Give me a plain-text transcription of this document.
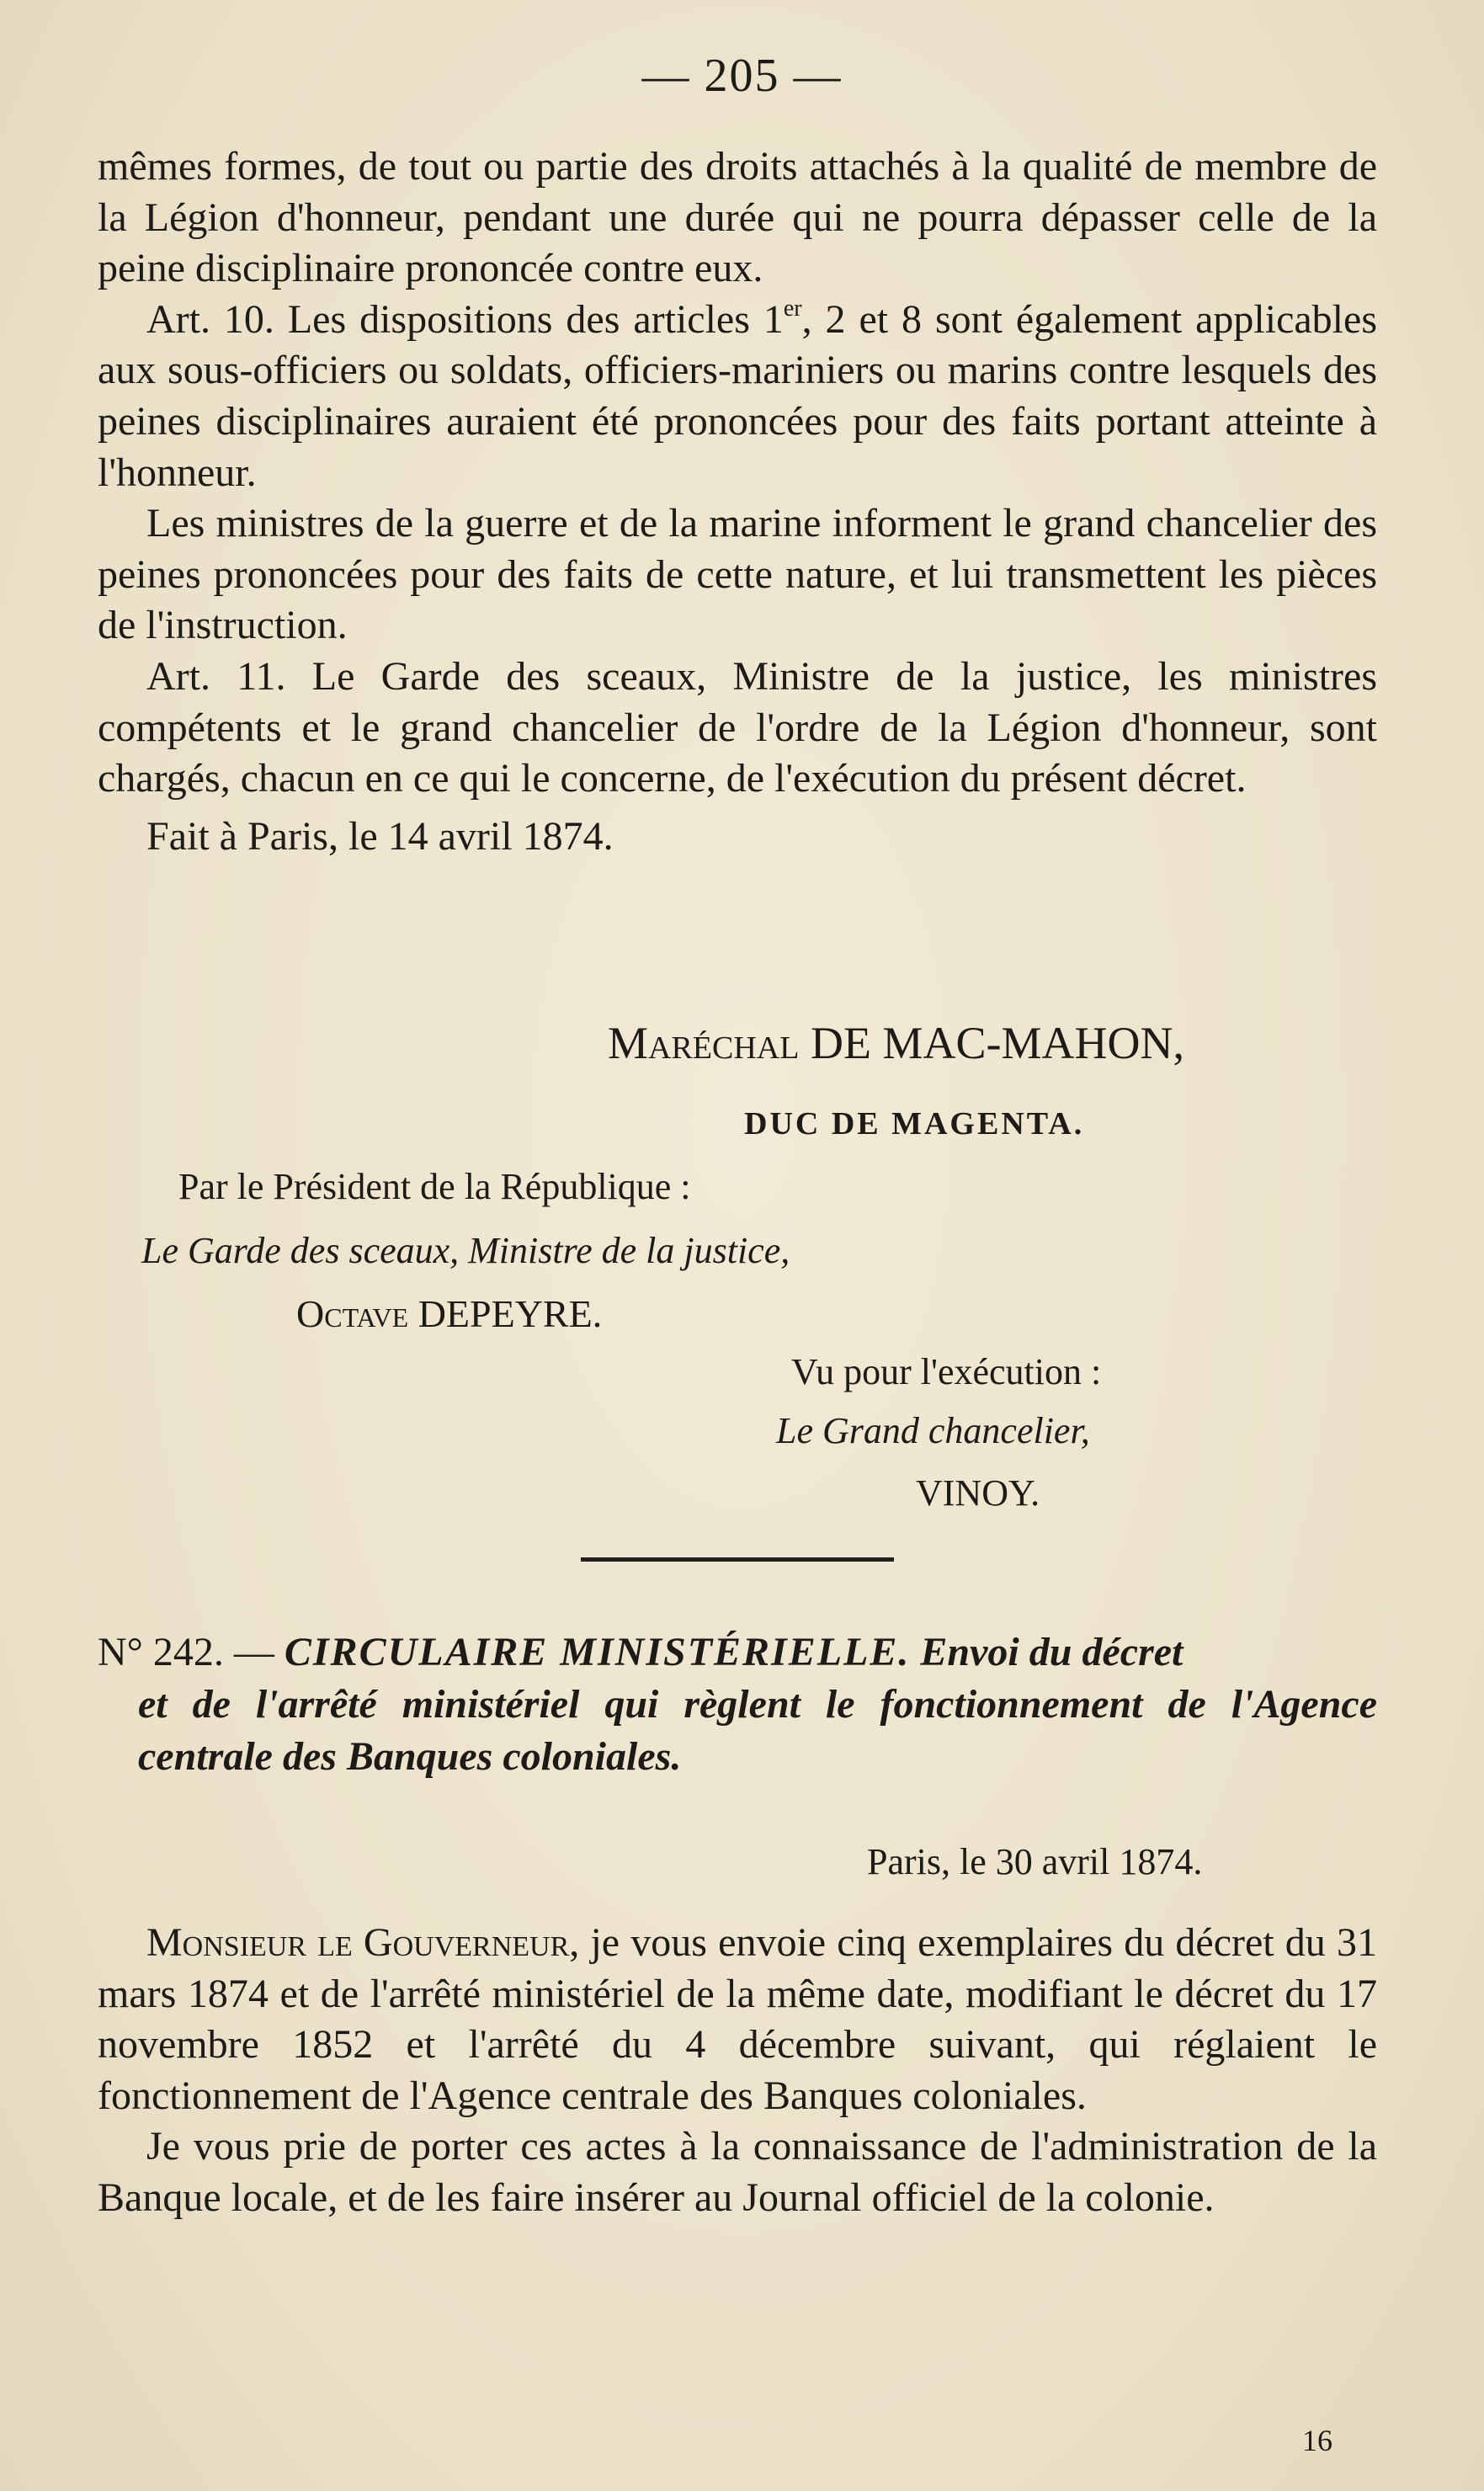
— 205 —

mêmes formes, de tout ou partie des droits attachés à la qualité de membre de la Légion d'honneur, pendant une durée qui ne pourra dépasser celle de la peine disciplinaire prononcée contre eux.

Art. 10. Les dispositions des articles 1er, 2 et 8 sont également applicables aux sous-officiers ou soldats, officiers-mariniers ou marins contre lesquels des peines disciplinaires auraient été prononcées pour des faits portant atteinte à l'honneur.

Les ministres de la guerre et de la marine informent le grand chancelier des peines prononcées pour des faits de cette nature, et lui transmettent les pièces de l'instruction.

Art. 11. Le Garde des sceaux, Ministre de la justice, les ministres compétents et le grand chancelier de l'ordre de la Légion d'honneur, sont chargés, chacun en ce qui le concerne, de l'exécution du présent décret.

Fait à Paris, le 14 avril 1874.

Maréchal DE MAC-MAHON,
DUC DE MAGENTA.
Par le Président de la République :
Le Garde des sceaux, Ministre de la justice,
Octave DEPEYRE.
Vu pour l'exécution :
Le Grand chancelier,
VINOY.
N° 242. — CIRCULAIRE MINISTÉRIELLE. Envoi du décret
et de l'arrêté ministériel qui règlent le fonctionnement de l'Agence centrale des Banques coloniales.
Paris, le 30 avril 1874.

Monsieur le Gouverneur, je vous envoie cinq exemplaires du décret du 31 mars 1874 et de l'arrêté ministériel de la même date, modifiant le décret du 17 novembre 1852 et l'arrêté du 4 décembre suivant, qui réglaient le fonctionnement de l'Agence centrale des Banques coloniales.

Je vous prie de porter ces actes à la connaissance de l'administration de la Banque locale, et de les faire insérer au Journal officiel de la colonie.

16
